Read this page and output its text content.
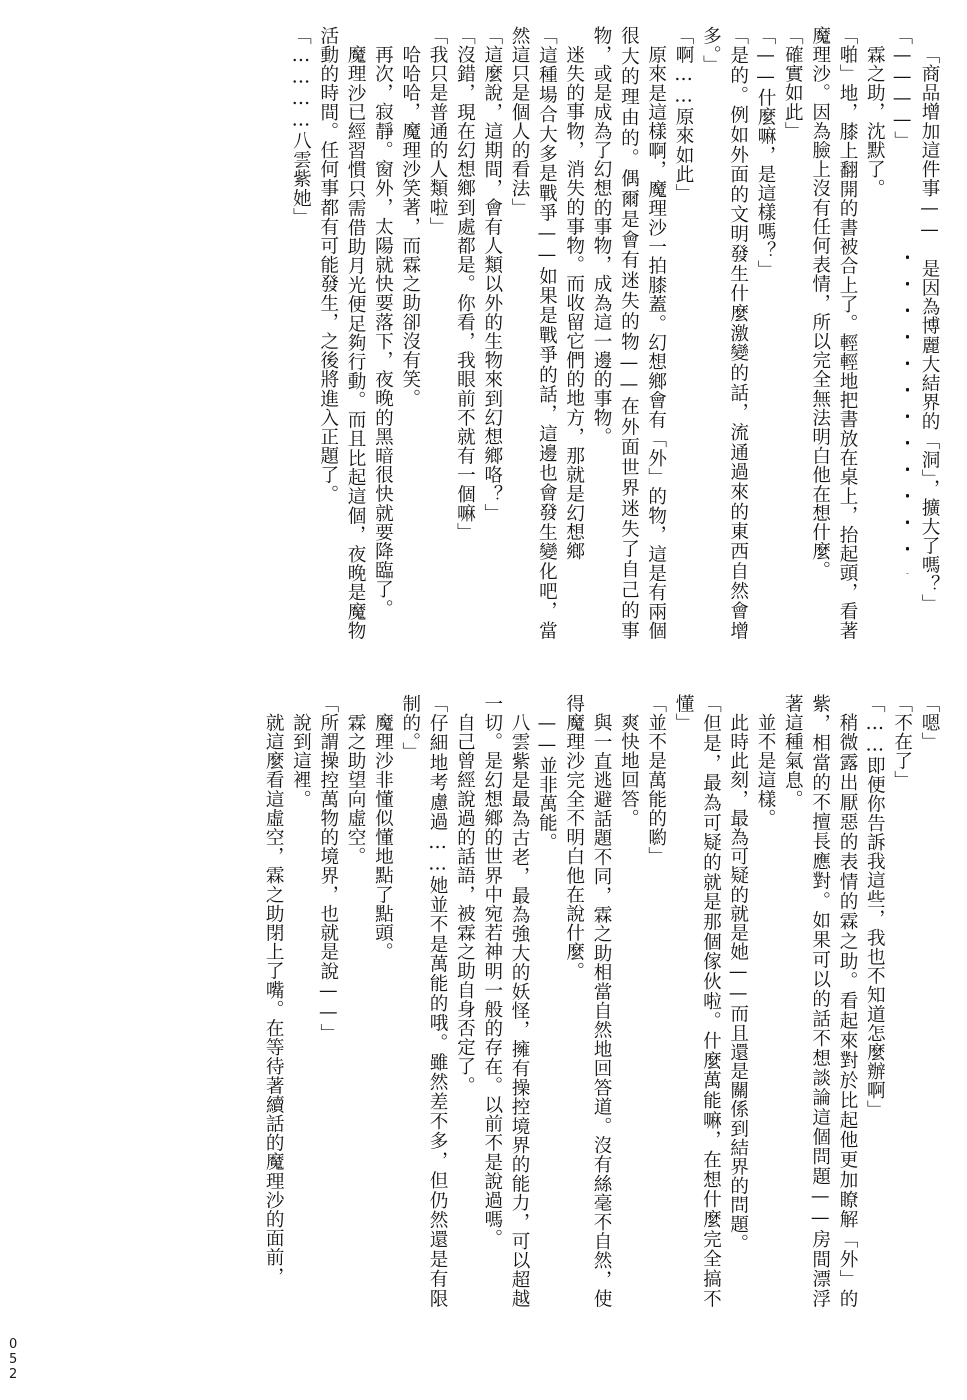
「商品增加這件事——是因為博麗大結界的「洞」，擴大了嗎？」

「————」

霖之助，沈默了。

「啪」地，膝上翻開的書被合上了。輕輕地把書放在桌上，抬起頭，看著魔理沙。因為臉上沒有任何表情，所以完全無法明白他在想什麼。

「確實如此」

「——什麼嘛，是這樣嗎？」

「是的。例如外面的文明發生什麼激變的話，流通過來的東西自然會增多。」

「啊……原來如此」

原來是這樣啊，魔理沙一拍膝蓋。幻想鄉會有「外」的物，這是有兩個很大的理由的。偶爾是會有迷失的物——在外面世界迷失了自己的事物，或是成為了幻想的事物，成為這一邊的事物。

迷失的事物，消失的事物。而收留它們的地方，那就是幻想鄉

「這種場合大多是戰爭——如果是戰爭的話，這邊也會發生變化吧，當然這只是個人的看法」

「這麼說，這期間，會有人類以外的生物來到幻想鄉咯？」

「沒錯，現在幻想鄉到處都是。你看，我眼前不就有一個嘛」

「我只是普通的人類啦」

哈哈哈，魔理沙笑著，而霖之助卻沒有笑。

再次，寂靜。窗外，太陽就快要落下，夜晚的黑暗很快就要降臨了。

魔理沙已經習慣只需借助月光便足夠行動。而且比起這個，夜晚是魔物活動的時間。任何事都有可能發生，之後將進入正題了。

「…………八雲紫她」

「嗯」

「不在了」

「……即便你告訴我這些，我也不知道怎麼辦啊」

稍微露出厭惡的表情的霖之助。看起來對於比起他更加瞭解「外」的紫，相當的不擅長應對。如果可以的話不想談論這個問題——房間漂浮著這種氣息。

並不是這樣。

此時此刻，最為可疑的就是她——而且還是關係到結界的問題。

「但是，最為可疑的就是那個傢伙啦。什麼萬能嘛，在想什麼完全搞不懂」

「並不是萬能的喲」

爽快地回答。

與一直逃避話題不同，霖之助相當自然地回答道。沒有絲毫不自然，使得魔理沙完全不明白他在說什麼。

——並非萬能。

八雲紫是最為古老，最為強大的妖怪，擁有操控境界的能力，可以超越一切。是幻想鄉的世界中宛若神明一般的存在。以前不是說過嗎。

自己曾經說過的話語，被霖之助自身否定了。

「仔細地考慮過……她並不是萬能的哦。雖然差不多，但仍然還是有限制的。」

魔理沙非懂似懂地點了點頭。

霖之助望向虛空。

「所謂操控萬物的境界，也就是說——」

說到這裡。

就這麼看這虛空，霖之助閉上了嘴。在等待著續話的魔理沙的面前，

052
